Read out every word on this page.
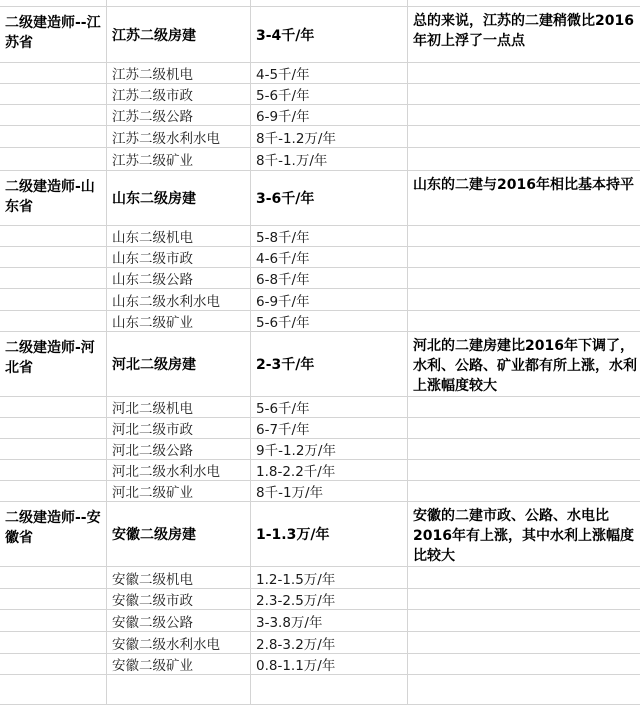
二级建造师--江苏省	江苏二级房建	3-4千/年	总的来说，江苏的二建稍微比2016年初上浮了一点点
	江苏二级机电	4-5千/年	
	江苏二级市政	5-6千/年	
	江苏二级公路	6-9千/年	
	江苏二级水利水电	8千-1.2万/年	
	江苏二级矿业	8千-1.万/年	
二级建造师-山东省	山东二级房建	3-6千/年	山东的二建与2016年相比基本持平
	山东二级机电	5-8千/年	
	山东二级市政	4-6千/年	
	山东二级公路	6-8千/年	
	山东二级水利水电	6-9千/年	
	山东二级矿业	5-6千/年	
二级建造师-河北省	河北二级房建	2-3千/年	河北的二建房建比2016年下调了，水利、公路、矿业都有所上涨，水利上涨幅度较大
	河北二级机电	5-6千/年	
	河北二级市政	6-7千/年	
	河北二级公路	9千-1.2万/年	
	河北二级水利水电	1.8-2.2千/年	
	河北二级矿业	8千-1万/年	
二级建造师--安徽省	安徽二级房建	1-1.3万/年	安徽的二建市政、公路、水电比2016年有上涨，其中水利上涨幅度比较大
	安徽二级机电	1.2-1.5万/年	
	安徽二级市政	2.3-2.5万/年	
	安徽二级公路	3-3.8万/年	
	安徽二级水利水电	2.8-3.2万/年	
	安徽二级矿业	0.8-1.1万/年	
